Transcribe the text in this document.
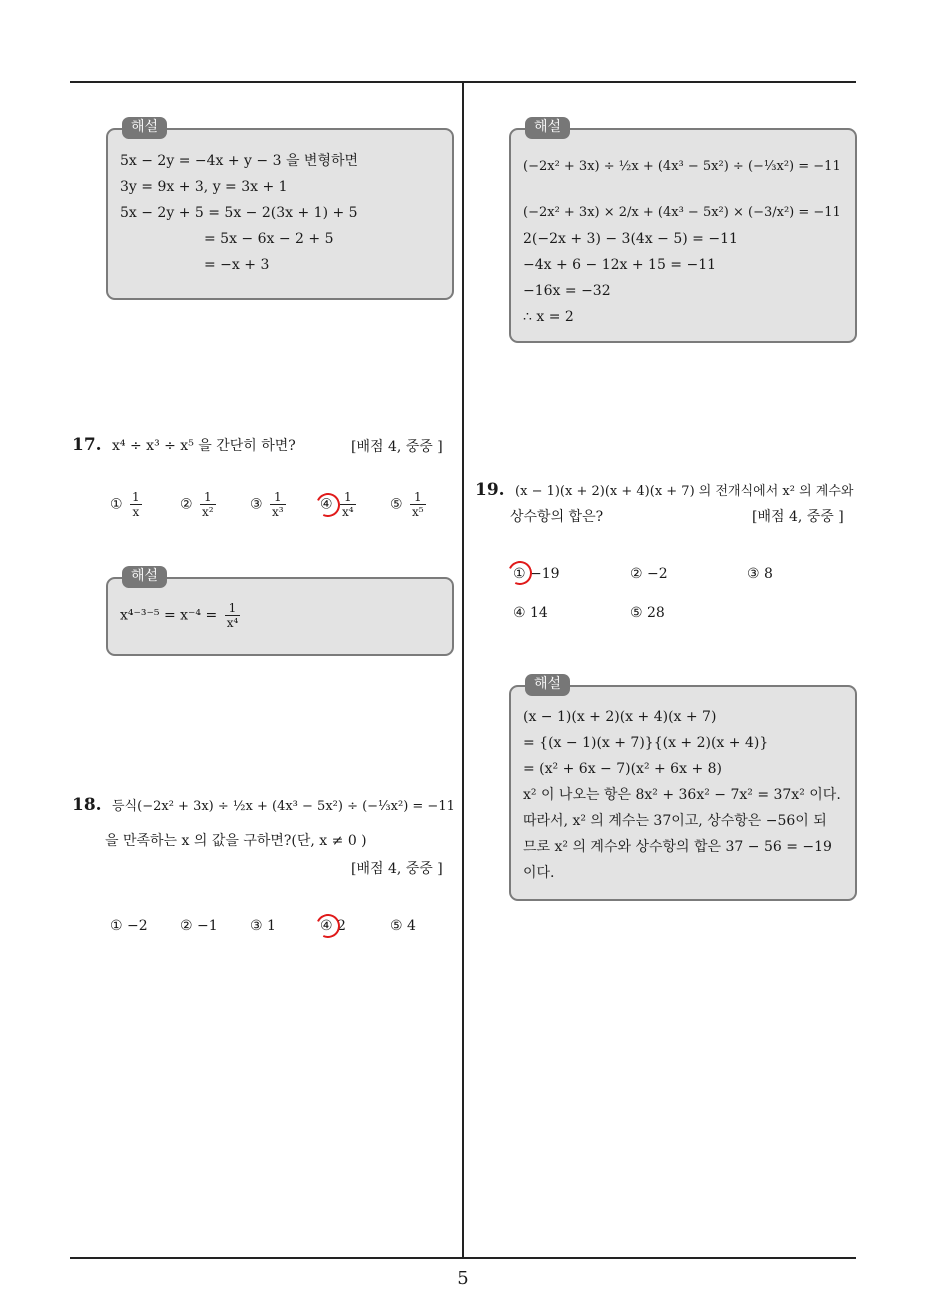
해설
5x − 2y = −4x + y − 3 을 변형하면
3y = 9x + 3, y = 3x + 1
5x − 2y + 5 = 5x − 2(3x + 1) + 5
= 5x − 6x − 2 + 5
= −x + 3
해설
(−2x² + 3x) ÷ ½x + (4x³ − 5x²) ÷ (−⅓x²) = −11
(−2x² + 3x) × 2/x + (4x³ − 5x²) × (−3/x²) = −11
2(−2x + 3) − 3(4x − 5) = −11
−4x + 6 − 12x + 15 = −11
−16x = −32
∴ x = 2
17. x⁴ ÷ x³ ÷ x⁵ 을 간단히 하면?	[배점 4, 중중 ]
① $\frac{1}{x}$	② $\frac{1}{\text{x²}}$ ③ $\frac{1}{\text{x³}}$ ④ $\frac{1}{\text{x⁴}}$ ⑤ $\frac{1}{\text{x⁵}}$
해설
$x^{4-3-5} = x^{-4} = \frac{1}{\text{x⁴}}$
18. 등식(−2x² + 3x) ÷ ½x + (4x³ − 5x²) ÷ (−⅓x²) = −11
을 만족하는 x 의 값을 구하면?(단, x ≠ 0 )
[배점 4, 중중 ]
① −2 ② −1 ③ 1	④ 2	⑤ 4
19. (x − 1)(x + 2)(x + 4)(x + 7) 의 전개식에서 x² 의 계수와
상수항의 합은?	[배점 4, 중중 ]
① −19	② −2	③ 8
④ 14	⑤ 28
해설
(x − 1)(x + 2)(x + 4)(x + 7)
= {(x − 1)(x + 7)}{(x + 2)(x + 4)}
= (x² + 6x − 7)(x² + 6x + 8)
x² 이 나오는 항은 8x² + 36x² − 7x² = 37x² 이다.
따라서, x² 의 계수는 37이고, 상수항은 −56이 되
므로 x² 의 계수와 상수항의 합은 37 − 56 = −19
이다.
5
